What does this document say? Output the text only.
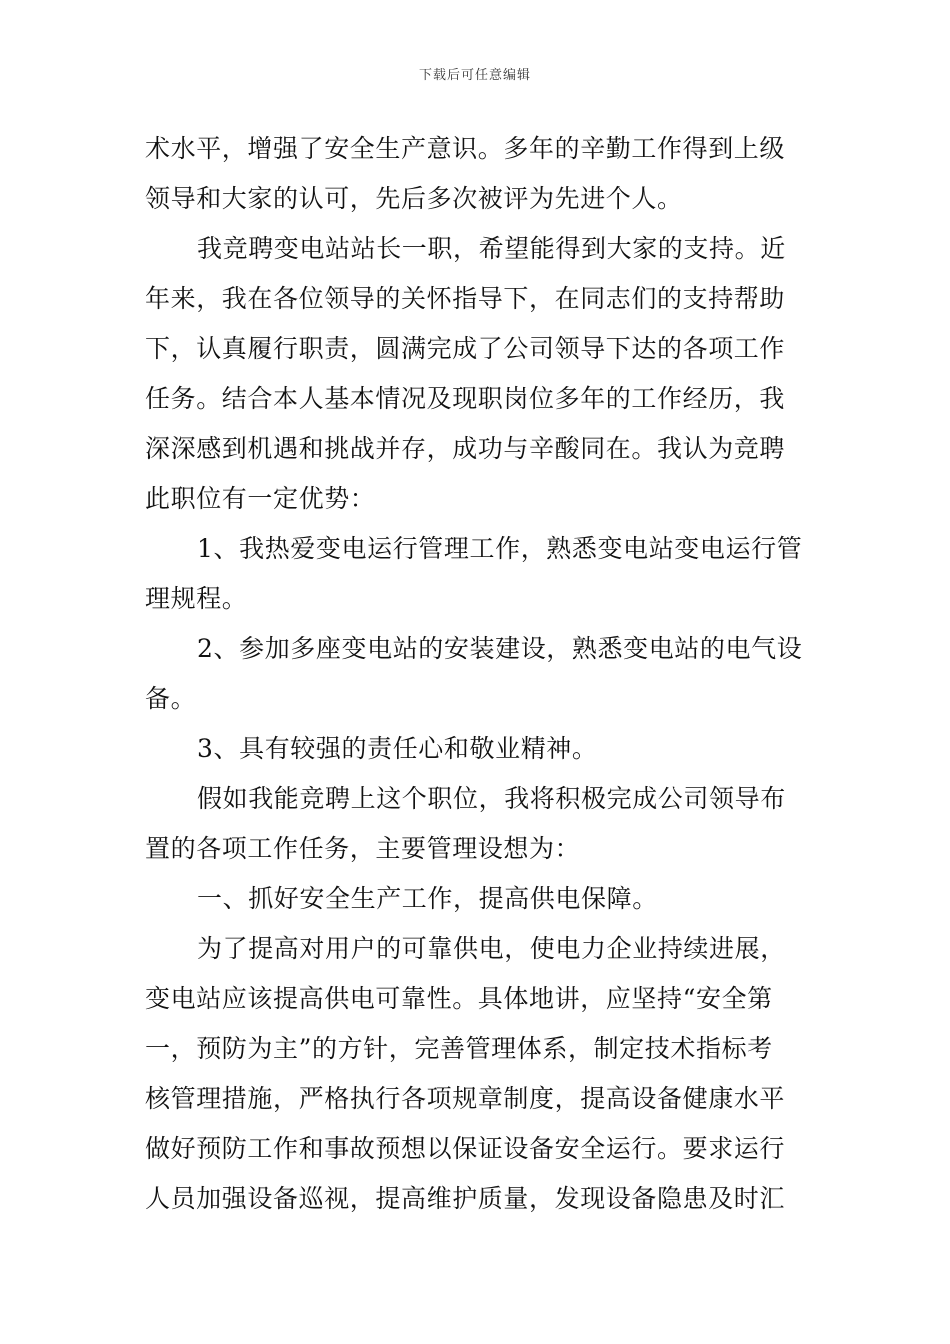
下载后可任意编辑
术水平，增强了安全生产意识。多年的辛勤工作得到上级
领导和大家的认可，先后多次被评为先进个人。
我竞聘变电站站长一职，希望能得到大家的支持。近
年来，我在各位领导的关怀指导下，在同志们的支持帮助
下，认真履行职责，圆满完成了公司领导下达的各项工作
任务。结合本人基本情况及现职岗位多年的工作经历，我
深深感到机遇和挑战并存，成功与辛酸同在。我认为竞聘
此职位有一定优势：
1、我热爱变电运行管理工作，熟悉变电站变电运行管
理规程。
2、参加多座变电站的安装建设，熟悉变电站的电气设
备。
3、具有较强的责任心和敬业精神。
假如我能竞聘上这个职位，我将积极完成公司领导布
置的各项工作任务，主要管理设想为：
一、抓好安全生产工作，提高供电保障。
为了提高对用户的可靠供电，使电力企业持续进展，
变电站应该提高供电可靠性。具体地讲，应坚持“安全第
一，预防为主”的方针，完善管理体系，制定技术指标考
核管理措施，严格执行各项规章制度，提高设备健康水平
做好预防工作和事故预想以保证设备安全运行。要求运行
人员加强设备巡视，提高维护质量，发现设备隐患及时汇
